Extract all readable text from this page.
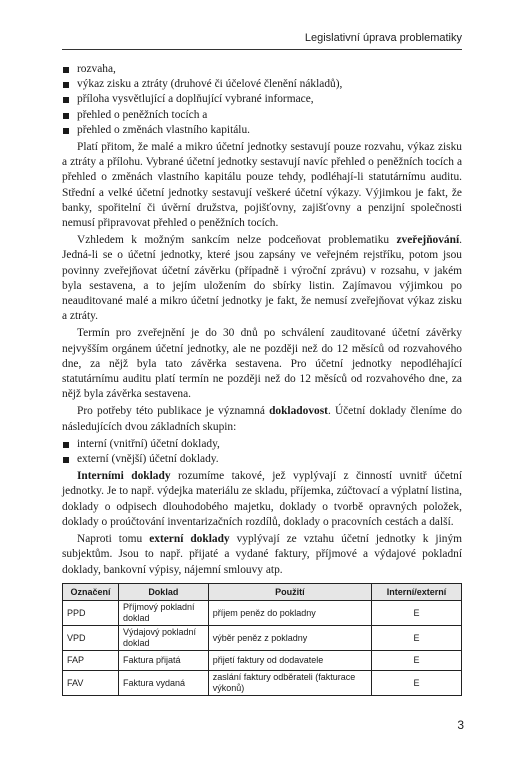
Legislativní úprava problematiky
rozvaha,
výkaz zisku a ztráty (druhové či účelové členění nákladů),
příloha vysvětlující a doplňující vybrané informace,
přehled o peněžních tocích a
přehled o změnách vlastního kapitálu.

Platí přitom, že malé a mikro účetní jednotky sestavují pouze rozvahu, výkaz zisku a ztráty a přílohu. Vybrané účetní jednotky sestavují navíc přehled o peněžních tocích a přehled o změnách vlastního kapitálu pouze tehdy, podléhají-li statutárnímu auditu. Střední a velké účetní jednotky sestavují veškeré účetní výkazy. Výjimkou je fakt, že banky, spořitelní či úvěrní družstva, pojišťovny, zajišťovny a penzijní společnosti nemusí připravovat přehled o peněžních tocích.

Vzhledem k možným sankcím nelze podceňovat problematiku zveřejňování. Jedná-li se o účetní jednotky, které jsou zapsány ve veřejném rejstříku, potom jsou povinny zveřejňovat účetní závěrku (případně i výroční zprávu) v rozsahu, v jakém byla sestavena, a to jejím uložením do sbírky listin. Zajímavou výjimkou po neauditované malé a mikro účetní jednotky je fakt, že nemusí zveřejňovat výkaz zisku a ztráty.

Termín pro zveřejnění je do 30 dnů po schválení zauditované účetní závěrky nejvyšším orgánem účetní jednotky, ale ne později než do 12 měsíců od rozvahového dne, za nějž byla tato závěrka sestavena. Pro účetní jednotky nepodléhající statutárnímu auditu platí termín ne později než do 12 měsíců od rozvahového dne, za nějž byla závěrka sestavena.

Pro potřeby této publikace je významná dokladovost. Účetní doklady členíme do následujících dvou základních skupin:

interní (vnitřní) účetní doklady,
externí (vnější) účetní doklady.

Interními doklady rozumíme takové, jež vyplývají z činností uvnitř účetní jednotky. Je to např. výdejka materiálu ze skladu, příjemka, zúčtovací a výplatní listina, doklady o odpisech dlouhodobého majetku, doklady o tvorbě opravných položek, doklady o proúčtování inventarizačních rozdílů, doklady o pracovních cestách a další.

Naproti tomu externí doklady vyplývají ze vztahu účetní jednotky k jiným subjektům. Jsou to např. přijaté a vydané faktury, příjmové a výdajové pokladní doklady, bankovní výpisy, nájemní smlouvy atp.

Označení	Doklad	Použití	Interní/externí
PPD	Příjmový pokladní doklad	příjem peněz do pokladny	E
VPD	Výdajový pokladní doklad	výběr peněz z pokladny	E
FAP	Faktura přijatá	přijetí faktury od dodavatele	E
FAV	Faktura vydaná	zaslání faktury odběrateli (fakturace výkonů)	E
3
